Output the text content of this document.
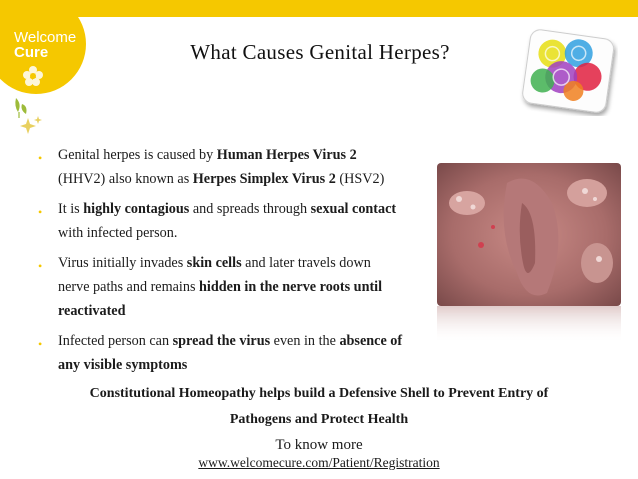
Welcome
Cure	What Causes Genital Herpes?
• Genital herpes is caused by Human Herpes Virus 2
(HHV2) also known as Herpes Simplex Virus 2 (HSV2)
• It is highly contagious and spreads through sexual contact
with infected person.
• Virus initially invades skin cells and later travels down
nerve paths and remains hidden in the nerve roots until
reactivated
• Infected person can spread the virus even in the absence of
any visible symptoms
Constitutional Homeopathy helps build a Defensive Shell to Prevent Entry of
Pathogens and Protect Health
To know more
www.welcomecure.com/Patient/Registration
